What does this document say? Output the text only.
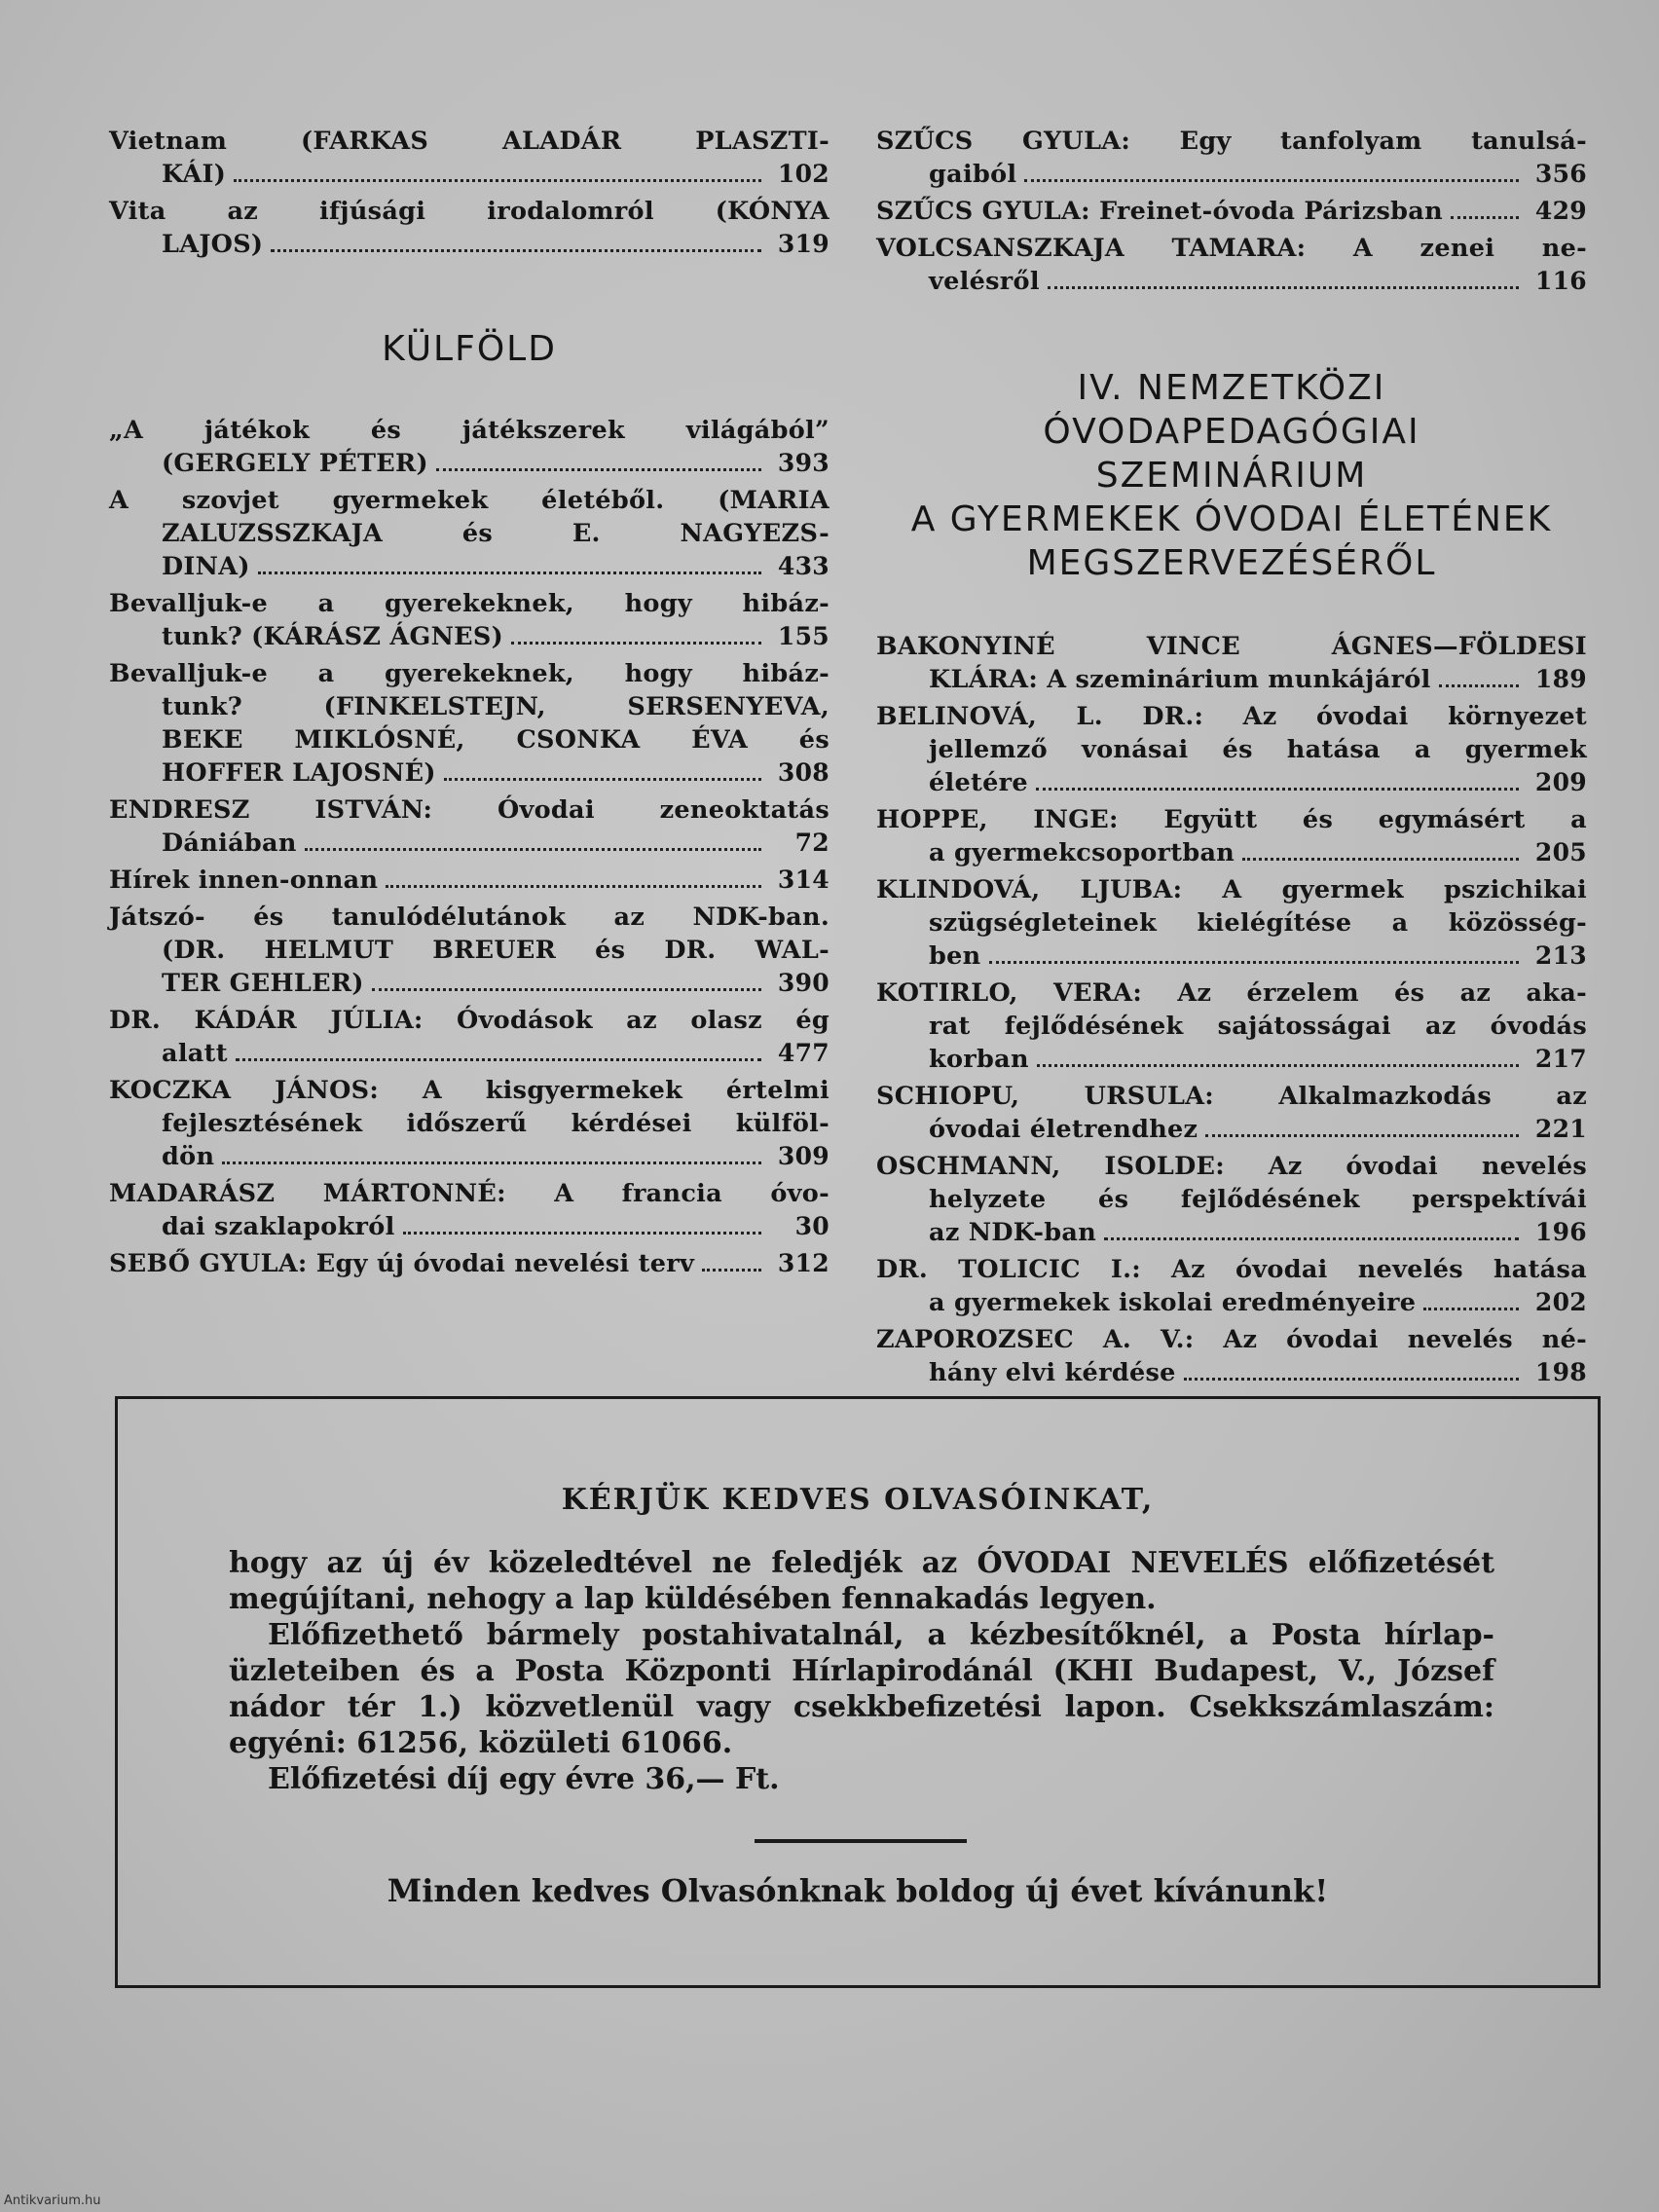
Vietnam (FARKAS ALADÁR PLASZTI-
KÁI)	102
Vita az ifjúsági irodalomról (KÓNYA
LAJOS)	319
KÜLFÖLD
„A játékok és játékszerek világából”
(GERGELY PÉTER)	393
A szovjet gyermekek életéből. (MARIA
ZALUZSSZKAJA és E. NAGYEZS-
DINA)	433
Bevalljuk-e a gyerekeknek, hogy hibáz-
tunk? (KÁRÁSZ ÁGNES)	155
Bevalljuk-e a gyerekeknek, hogy hibáz-
tunk? (FINKELSTEJN, SERSENYEVA,
BEKE MIKLÓSNÉ, CSONKA ÉVA és
HOFFER LAJOSNÉ)	308
ENDRESZ ISTVÁN: Óvodai zeneoktatás
Dániában	72
Hírek innen-onnan	314
Játszó- és tanulódélutánok az NDK-ban.
(DR. HELMUT BREUER és DR. WAL-
TER GEHLER)	390
DR. KÁDÁR JÚLIA: Óvodások az olasz ég
alatt	477
KOCZKA JÁNOS: A kisgyermekek értelmi
fejlesztésének időszerű kérdései külföl-
dön	309
MADARÁSZ MÁRTONNÉ: A francia óvo-
dai szaklapokról	30
SEBŐ GYULA: Egy új óvodai nevelési terv	312
SZŰCS GYULA: Egy tanfolyam tanulsá-
gaiból	356
SZŰCS GYULA: Freinet-óvoda Párizsban	429
VOLCSANSZKAJA TAMARA: A zenei ne-
velésről	116
IV. NEMZETKÖZI
ÓVODAPEDAGÓGIAI
SZEMINÁRIUM
A GYERMEKEK ÓVODAI ÉLETÉNEK
MEGSZERVEZÉSÉRŐL
BAKONYINÉ VINCE ÁGNES—FÖLDESI
KLÁRA: A szeminárium munkájáról	189
BELINOVÁ, L. DR.: Az óvodai környezet
jellemző vonásai és hatása a gyermek
életére	209
HOPPE, INGE: Együtt és egymásért a
a gyermekcsoportban	205
KLINDOVÁ, LJUBA: A gyermek pszichikai
szügségleteinek kielégítése a közösség-
ben	213
KOTIRLO, VERA: Az érzelem és az aka-
rat fejlődésének sajátosságai az óvodás
korban	217
SCHIOPU, URSULA: Alkalmazkodás az
óvodai életrendhez	221
OSCHMANN, ISOLDE: Az óvodai nevelés
helyzete és fejlődésének perspektívái
az NDK-ban	196
DR. TOLICIC I.: Az óvodai nevelés hatása
a gyermekek iskolai eredményeire	202
ZAPOROZSEC A. V.: Az óvodai nevelés né-
hány elvi kérdése	198
KÉRJÜK KEDVES OLVASÓINKAT,

hogy az új év közeledtével ne feledjék az ÓVODAI NEVELÉS előfizetését megújítani, nehogy a lap küldésében fennakadás legyen.

Előfizethető bármely postahivatalnál, a kézbesítőknél, a Posta hírlap-üzleteiben és a Posta Központi Hírlapirodánál (KHI Budapest, V., József nádor tér 1.) közvetlenül vagy csekkbefizetési lapon. Csekkszámlaszám: egyéni: 61256, közületi 61066.

Előfizetési díj egy évre 36,— Ft.

Minden kedves Olvasónknak boldog új évet kívánunk!
Antikvarium.hu
